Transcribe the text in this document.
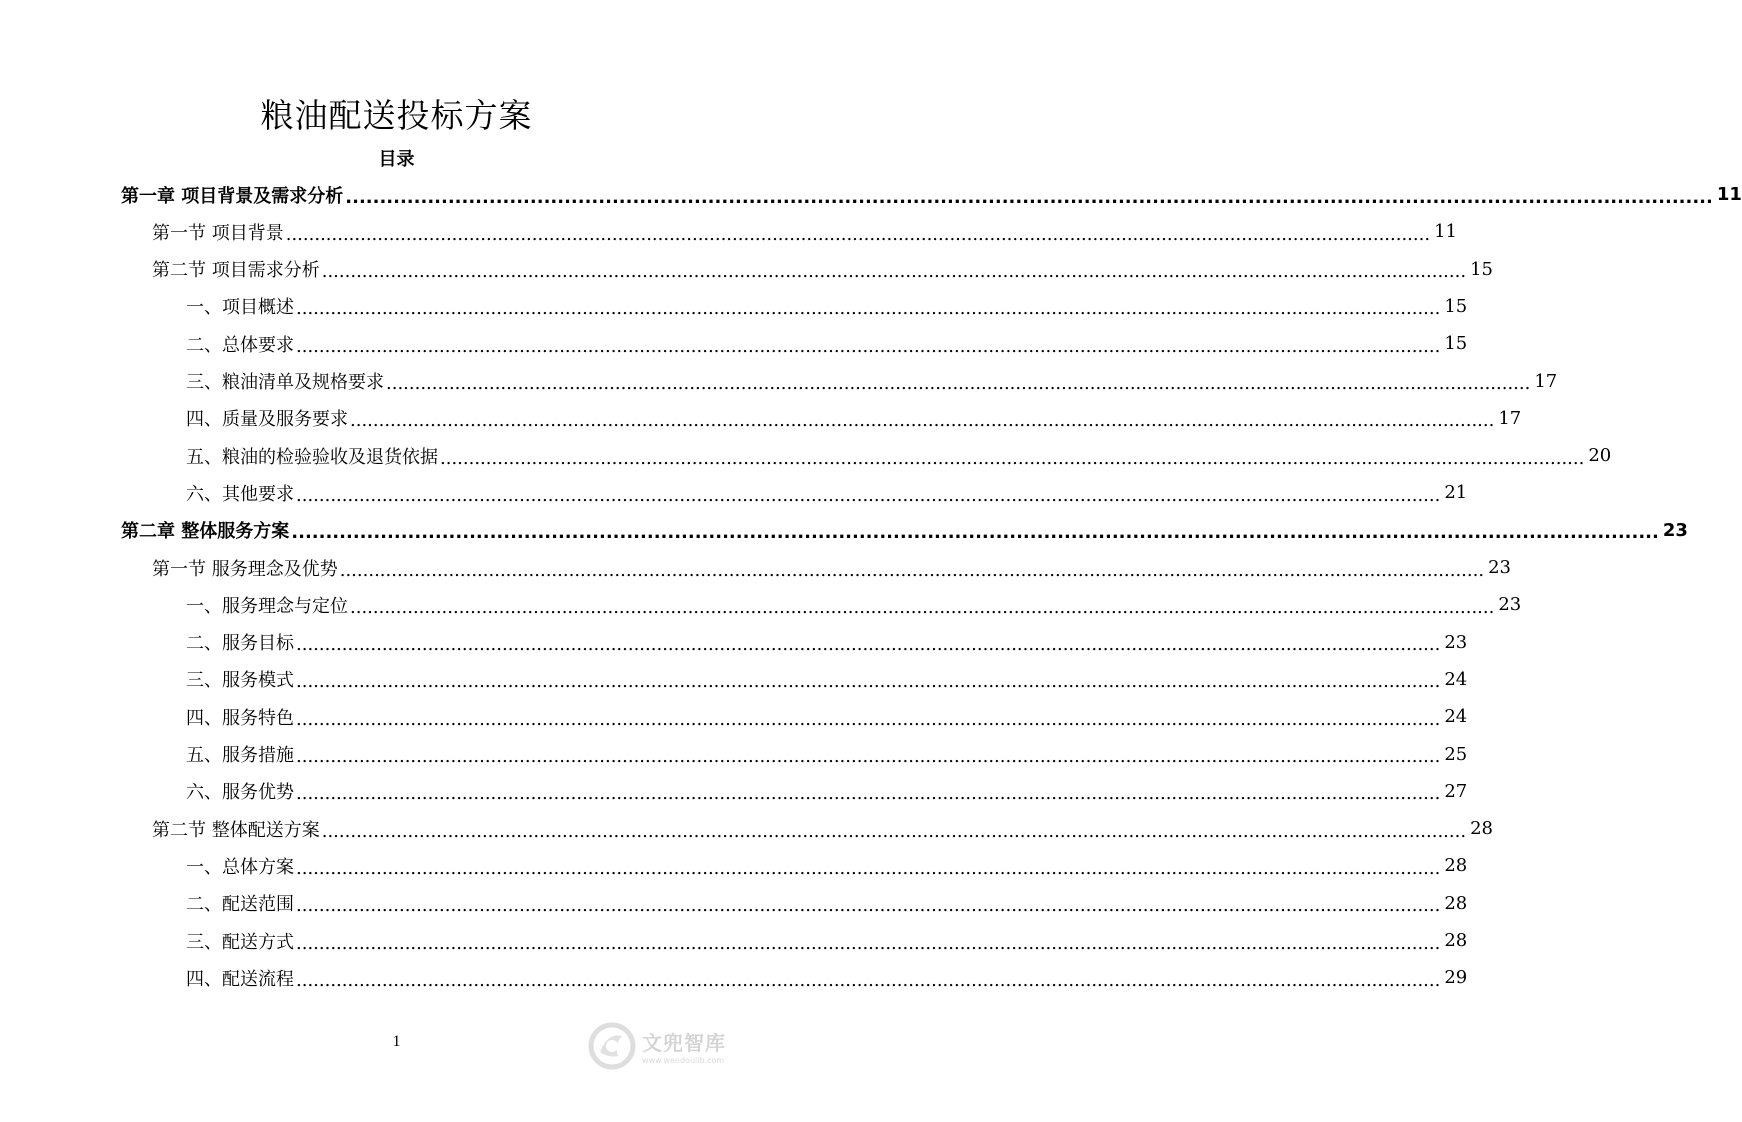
粮油配送投标方案
目录
第一章 项目背景及需求分析 ........................................................................................................................................................................................................ 11
第一节 项目背景 ........................................................................................................................................................................................................ 11
第二节 项目需求分析 ........................................................................................................................................................................................................ 15
一、项目概述 ........................................................................................................................................................................................................ 15
二、总体要求 ........................................................................................................................................................................................................ 15
三、粮油清单及规格要求 ........................................................................................................................................................................................................ 17
四、质量及服务要求 ........................................................................................................................................................................................................ 17
五、粮油的检验验收及退货依据 ........................................................................................................................................................................................................ 20
六、其他要求 ........................................................................................................................................................................................................ 21
第二章 整体服务方案 ........................................................................................................................................................................................................ 23
第一节 服务理念及优势 ........................................................................................................................................................................................................ 23
一、服务理念与定位 ........................................................................................................................................................................................................ 23
二、服务目标 ........................................................................................................................................................................................................ 23
三、服务模式 ........................................................................................................................................................................................................ 24
四、服务特色 ........................................................................................................................................................................................................ 24
五、服务措施 ........................................................................................................................................................................................................ 25
六、服务优势 ........................................................................................................................................................................................................ 27
第二节 整体配送方案 ........................................................................................................................................................................................................ 28
一、总体方案 ........................................................................................................................................................................................................ 28
二、配送范围 ........................................................................................................................................................................................................ 28
三、配送方式 ........................................................................................................................................................................................................ 28
四、配送流程 ........................................................................................................................................................................................................ 29
1	文兜智库
www.wendoulib.com
